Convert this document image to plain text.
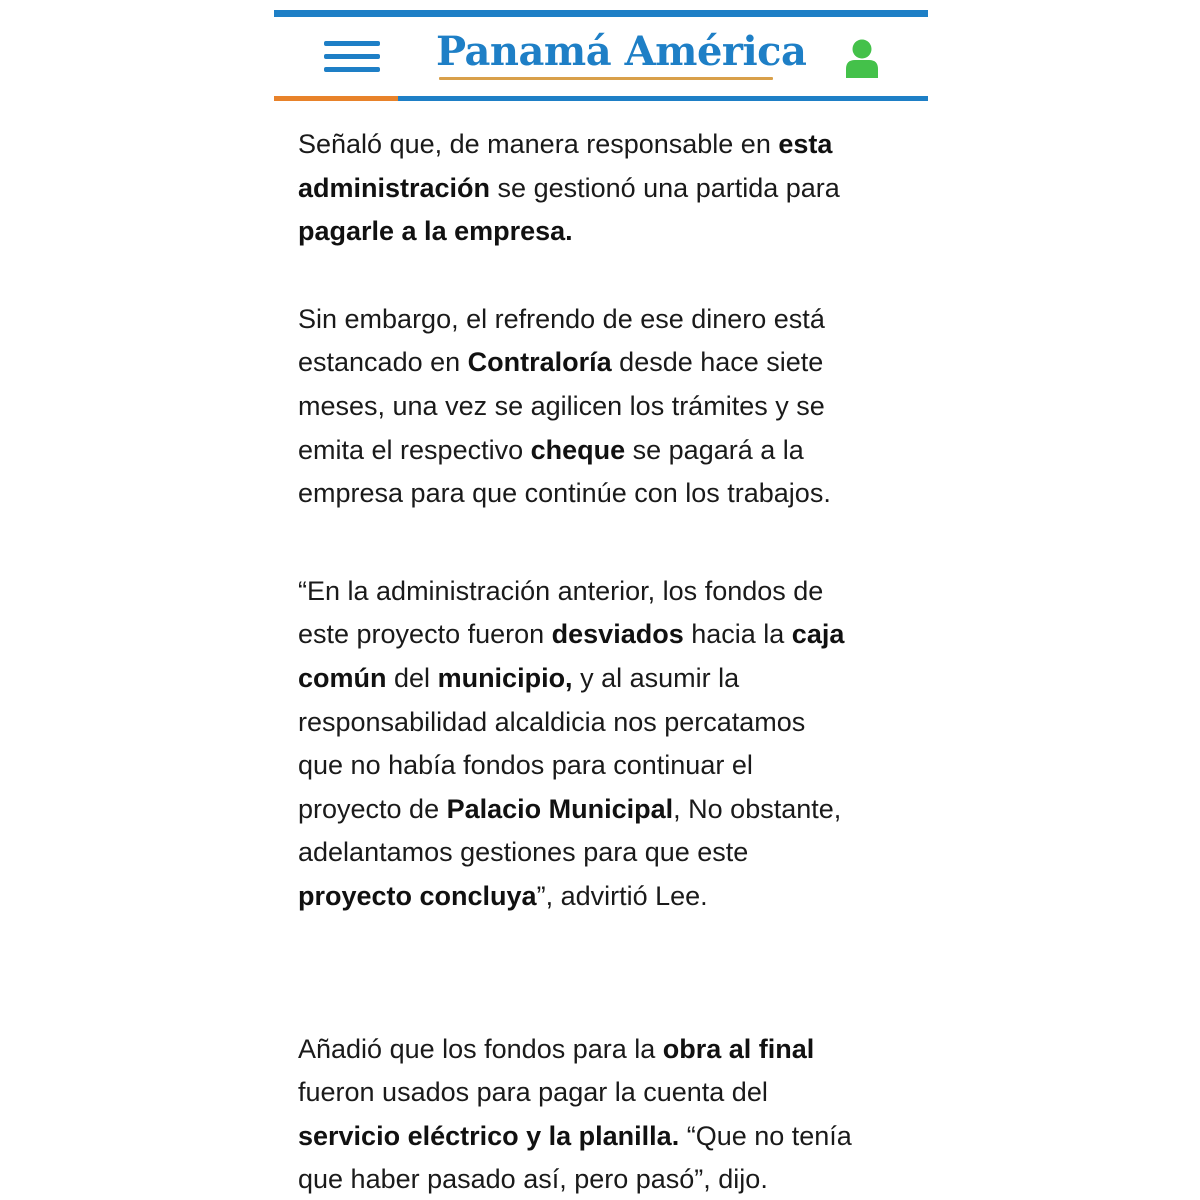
Panamá América

Señaló que, de manera responsable en esta

administración se gestionó una partida para

pagarle a la empresa.

Sin embargo, el refrendo de ese dinero está

estancado en Contraloría desde hace siete

meses, una vez se agilicen los trámites y se

emita el respectivo cheque se pagará a la

empresa para que continúe con los trabajos.

“En la administración anterior, los fondos de

este proyecto fueron desviados hacia la caja

común del municipio, y al asumir la

responsabilidad alcaldicia nos percatamos

que no había fondos para continuar el

proyecto de Palacio Municipal, No obstante,

adelantamos gestiones para que este

proyecto concluya”, advirtió Lee.

Añadió que los fondos para la obra al final

fueron usados para pagar la cuenta del

servicio eléctrico y la planilla. “Que no tenía

que haber pasado así, pero pasó”, dijo.
